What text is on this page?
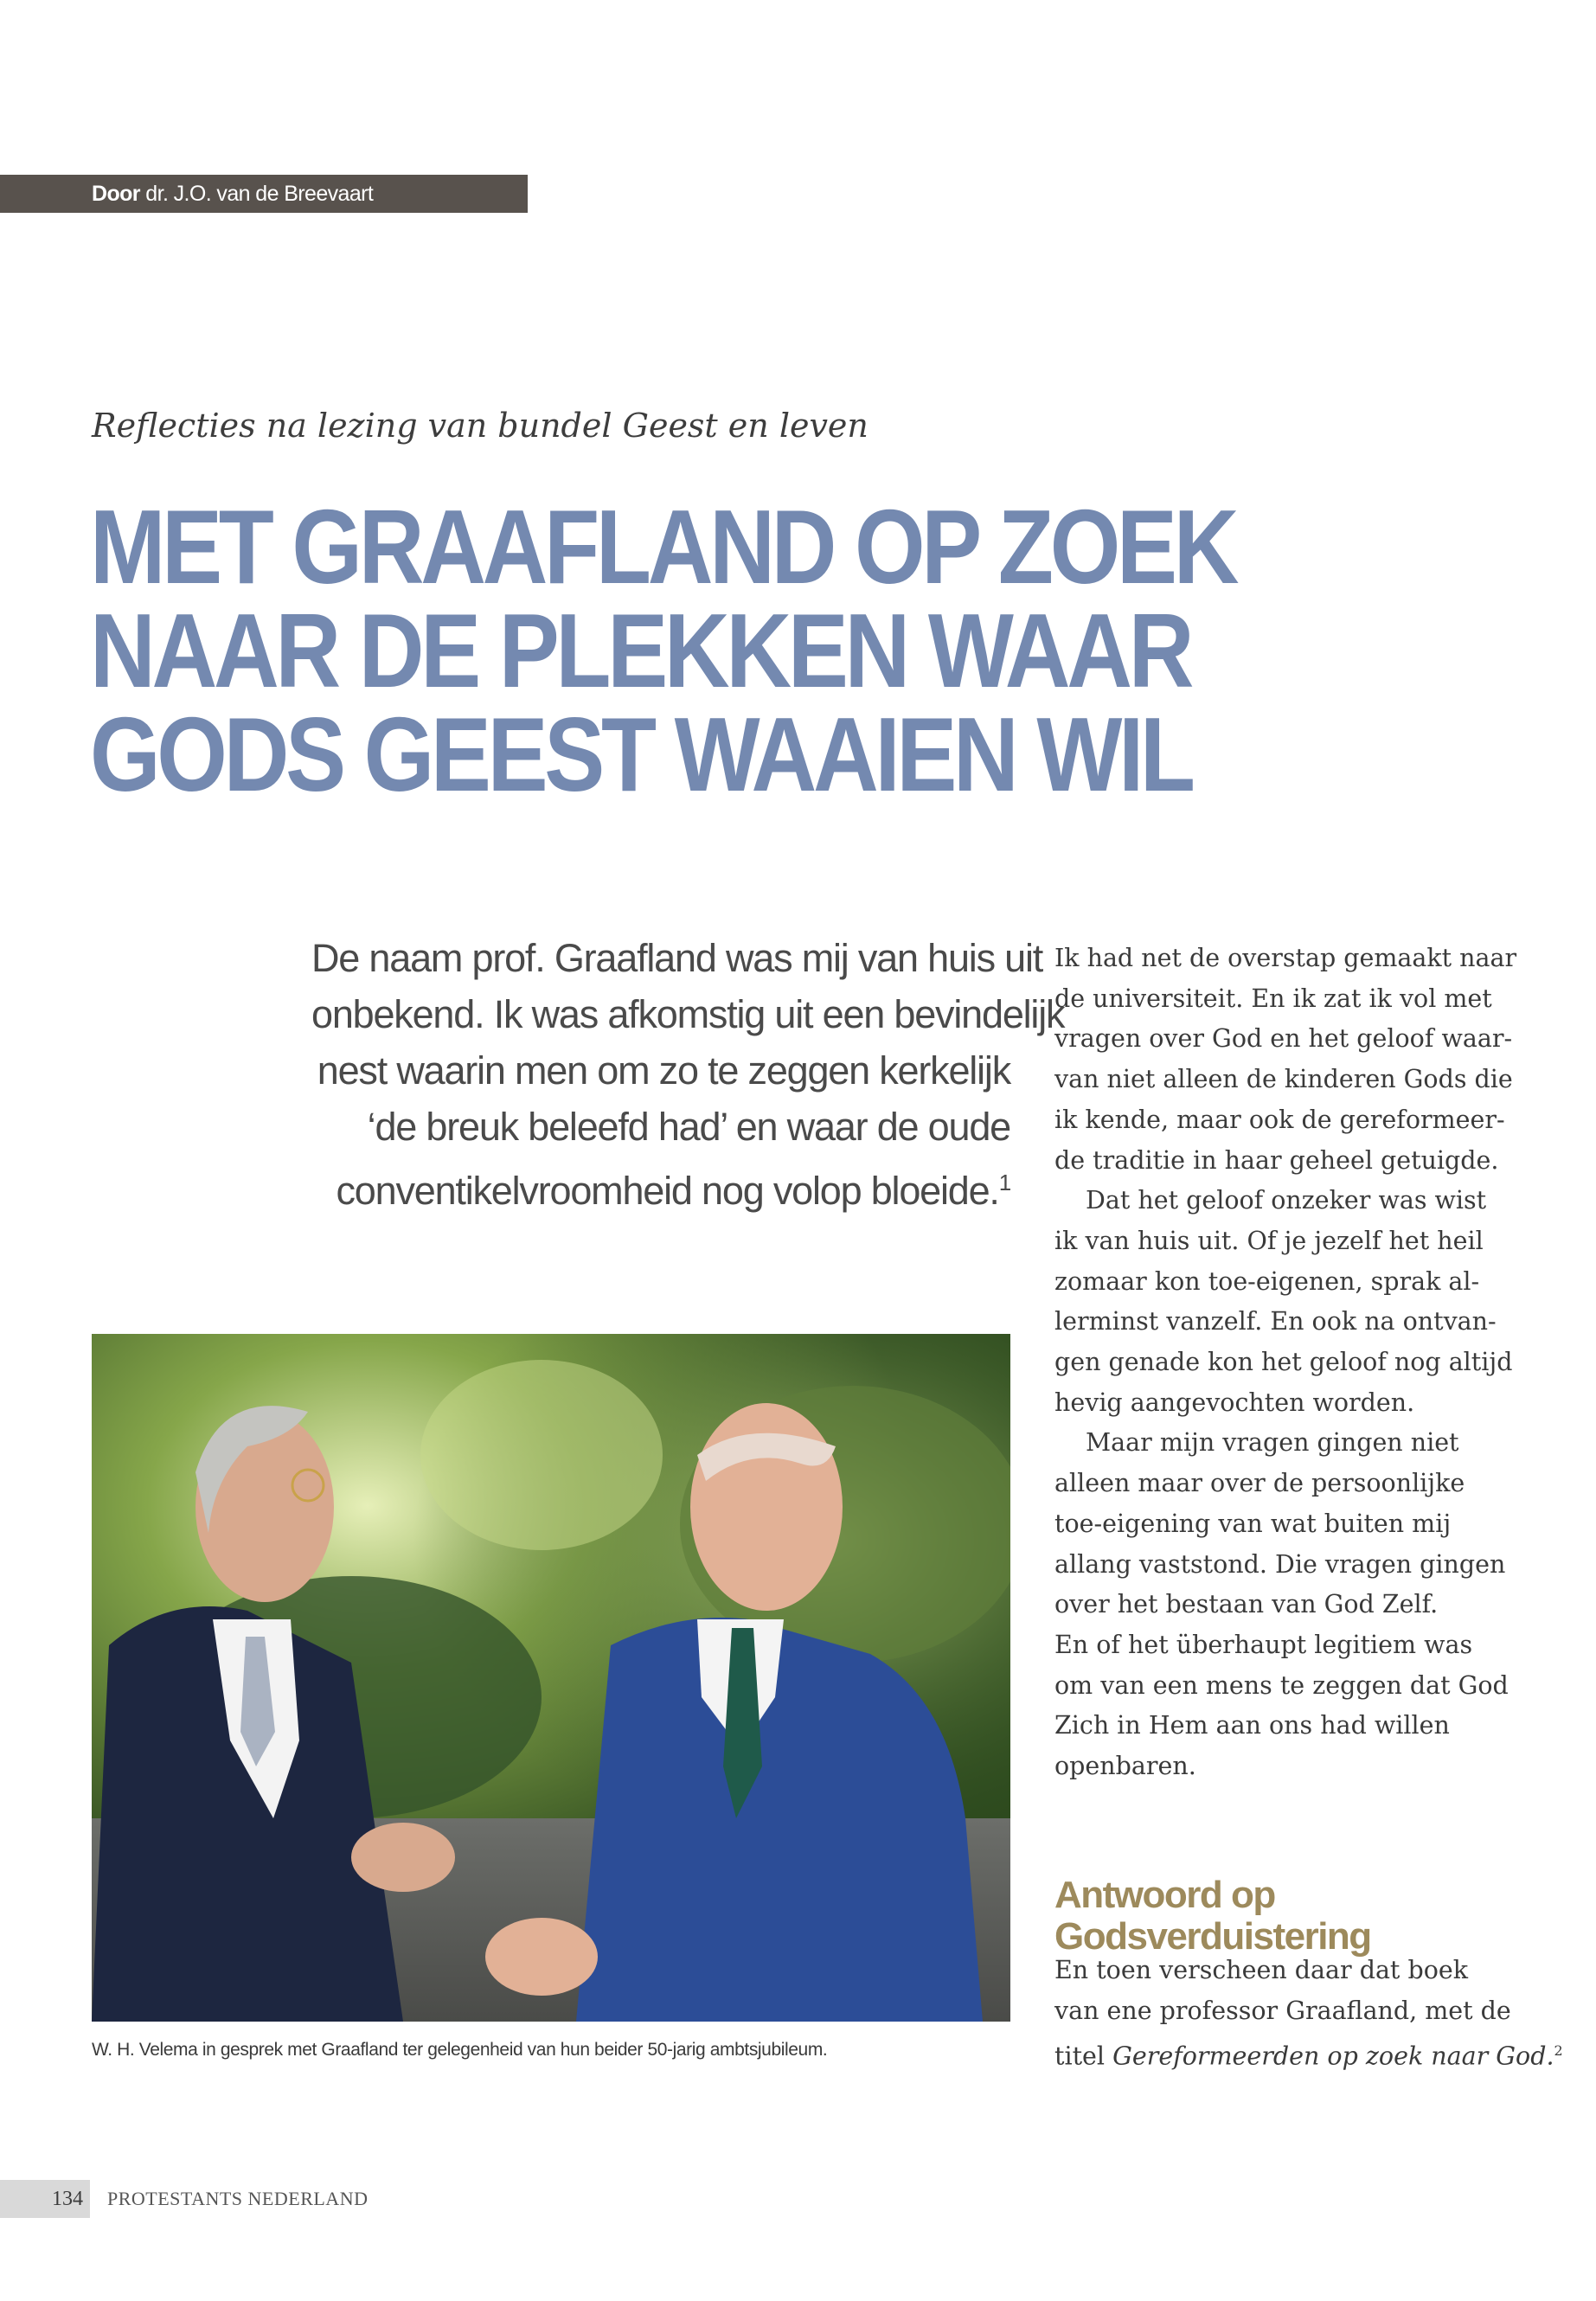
Door dr. J.O. van de Breevaart
Reflecties na lezing van bundel Geest en leven
MET GRAAFLAND OP ZOEK
NAAR DE PLEKKEN WAAR
GODS GEEST WAAIEN WIL
De naam prof. Graafland was mij van huis uit
onbekend. Ik was afkomstig uit een bevindelijk
nest waarin men om zo te zeggen kerkelijk
‘de breuk beleefd had’ en waar de oude
conventikelvroomheid nog volop bloeide.$^1$
W. H. Velema in gesprek met Graafland ter gelegenheid van hun beider 50-jarig ambtsjubileum.
Ik had net de overstap gemaakt naar
de universiteit. En ik zat ik vol met
vragen over God en het geloof waar-
van niet alleen de kinderen Gods die
ik kende, maar ook de gereformeer-
de traditie in haar geheel getuigde.
Dat het geloof onzeker was wist
ik van huis uit. Of je jezelf het heil
zomaar kon toe-eigenen, sprak al-
lerminst vanzelf. En ook na ontvan-
gen genade kon het geloof nog altijd
hevig aangevochten worden.
Maar mijn vragen gingen niet
alleen maar over de persoonlijke
toe-eigening van wat buiten mij
allang vaststond. Die vragen gingen
over het bestaan van God Zelf.
En of het überhaupt legitiem was
om van een mens te zeggen dat God
Zich in Hem aan ons had willen
openbaren.
Antwoord op
Godsverduistering
En toen verscheen daar dat boek
van ene professor Graafland, met de
titel Gereformeerden op zoek naar God.$^2$
134	PROTESTANTS NEDERLAND
